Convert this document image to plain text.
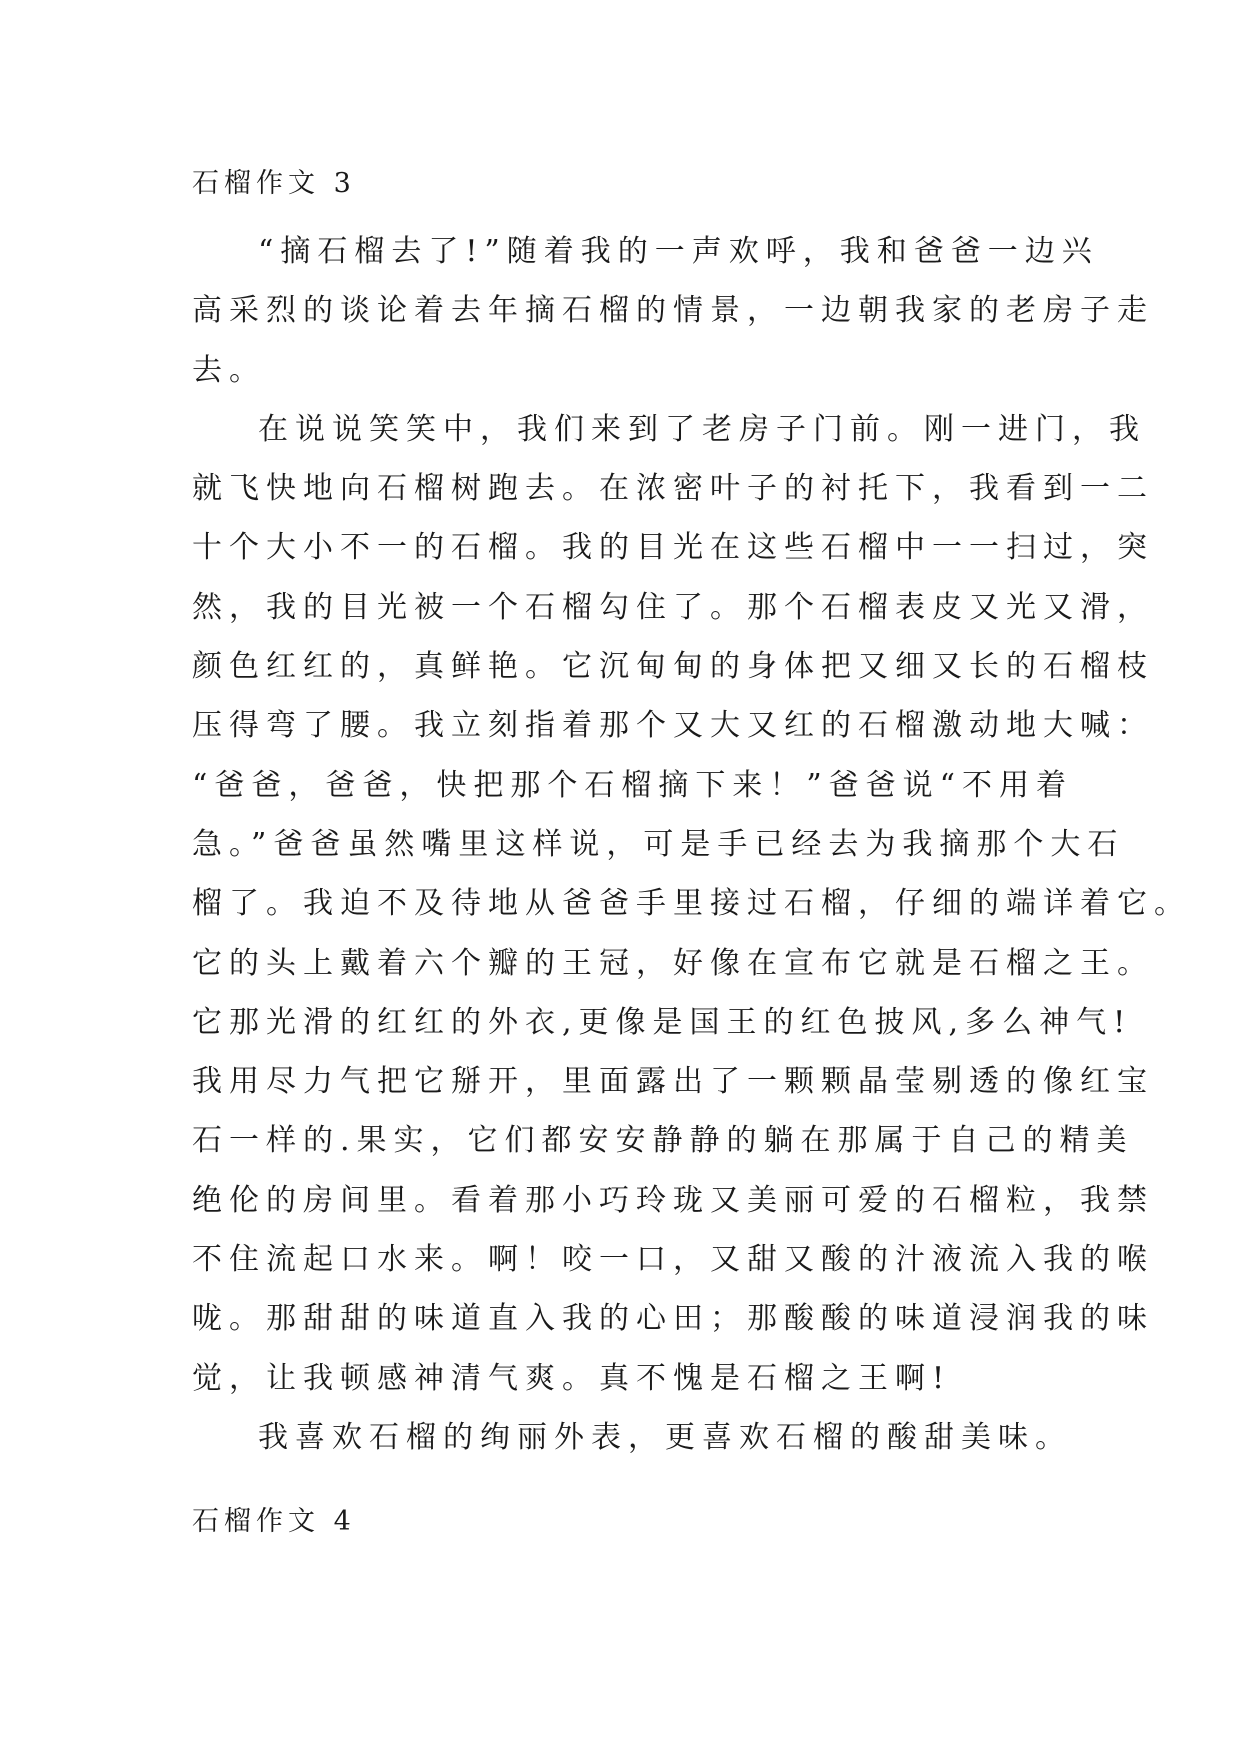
石榴作文 3

“摘石榴去了!”随着我的一声欢呼，我和爸爸一边兴
高采烈的谈论着去年摘石榴的情景，一边朝我家的老房子走
去。

在说说笑笑中，我们来到了老房子门前。刚一进门，我
就飞快地向石榴树跑去。在浓密叶子的衬托下，我看到一二
十个大小不一的石榴。我的目光在这些石榴中一一扫过，突
然，我的目光被一个石榴勾住了。那个石榴表皮又光又滑，
颜色红红的，真鲜艳。它沉甸甸的身体把又细又长的石榴枝
压得弯了腰。我立刻指着那个又大又红的石榴激动地大喊：
“爸爸，爸爸，快把那个石榴摘下来！”爸爸说“不用着
急。”爸爸虽然嘴里这样说，可是手已经去为我摘那个大石
榴了。我迫不及待地从爸爸手里接过石榴，仔细的端详着它。
它的头上戴着六个瓣的王冠，好像在宣布它就是石榴之王。
它那光滑的红红的外衣,更像是国王的红色披风,多么神气!
我用尽力气把它掰开，里面露出了一颗颗晶莹剔透的像红宝
石一样的.果实，它们都安安静静的躺在那属于自己的精美
绝伦的房间里。看着那小巧玲珑又美丽可爱的石榴粒，我禁
不住流起口水来。啊！咬一口，又甜又酸的汁液流入我的喉
咙。那甜甜的味道直入我的心田；那酸酸的味道浸润我的味
觉，让我顿感神清气爽。真不愧是石榴之王啊!

我喜欢石榴的绚丽外表，更喜欢石榴的酸甜美味。

石榴作文 4
